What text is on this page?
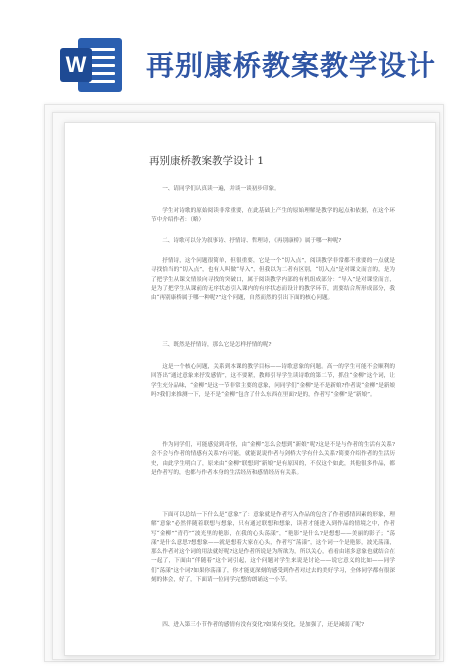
W 再别康桥教案教学设计
再别康桥教案教学设计 1
一、请同学们认真读一遍，并谈一谈初步印象。
学生对诗歌的原始阅读非常重要，在此基础上产生的原始理解是教学的起点和依据，在这个环节中介绍作者：（略）
二、诗歌可以分为叙事诗、抒情诗、哲理诗，《再别康桥》属于哪一种呢?
抒情诗，这个问题很简单，但很重要，它是一个“切入点”，阅读教学非常都不重要的一点就是寻找恰当的“切入点”，也有人叫做“导入”，但我以为二者有区别，“切入点”是对课文而言的，是为了把学生从课文情景向寻找的突破口，属于阅读教学内部的有机组成部分：“导入”是对课堂而言，是为了把学生从课前的无序状态引入课内的有序状态而设计的教学环节，需要结合所形成部分，我由“再别康桥属于哪一种呢?”这个问题，自然而然的引出下面的核心问题。
三、既然是抒情诗，那么它是怎样抒情的呢?
这是一个核心问题，关系到本课的教学目标——诗歌意象的问题。高一的学生可能不会顺利的回答出“通过意象来抒发感情”，这不要紧，教师引导学生读诗歌的第二节，抓住“金柳”这个词，让学生充分品味，“金柳”是这一节非常主要的意象，问同学们“金柳”是不是新娘?作者说“金柳”是新娘吗?我们来推测一下，是不是“金柳”包含了什么东西在里面?是的，作者写“金柳”是“新娘”。
作为同学们，可能感觉到奇怪，由“金柳”怎么会想到“新娘”呢?这是不是与作者的生活有关系?会不会与作者的情感有关系?有可能，就能说说作者与剑桥大学有什么关系?简要介绍作者的生活历史，由此学生明白了，原来由“金柳”联想到“新娘”是有原因的，不仅这个如此，其他很多作品，都是作者写的，也都与作者本身的生活经历和感情经历有关系。
下面可以总结一下什么是“意象”了：意象就是作者写入作品的包含了作者感情因素的形象，理解“意象”必然伴随着联想与想象，只有通过联想和想象，读者才能进入到作品的情境之中，作者写“金柳”“青荇”“波光里的艳影，在我的心头荡漾”，“艳影”是什么?是想想——美丽的影子；“荡漾”是什么意思?想想象——就是想着大家在心头，作者写“荡漾”，这个词一个是艳影，波光荡漾，那么作者对这个词的用法就好呢?这是作者所说是为所欲为，所以关心，看看由诸多意象也就结合在一起了，下面由“伴随着”这个词引起，这个问题对学生来说是讨论——说它意义的比如——同学们“荡漾”这个词?如果你荡漾了，你才能更深刻的感受到作者对过去的美好学习，全体同学都有很深刻的体会，好了，下面请一位同学完整的朗诵这一小节。
四、进入第三小节作者的感情有没有变化?如果有变化，是加强了，还是减弱了呢?
